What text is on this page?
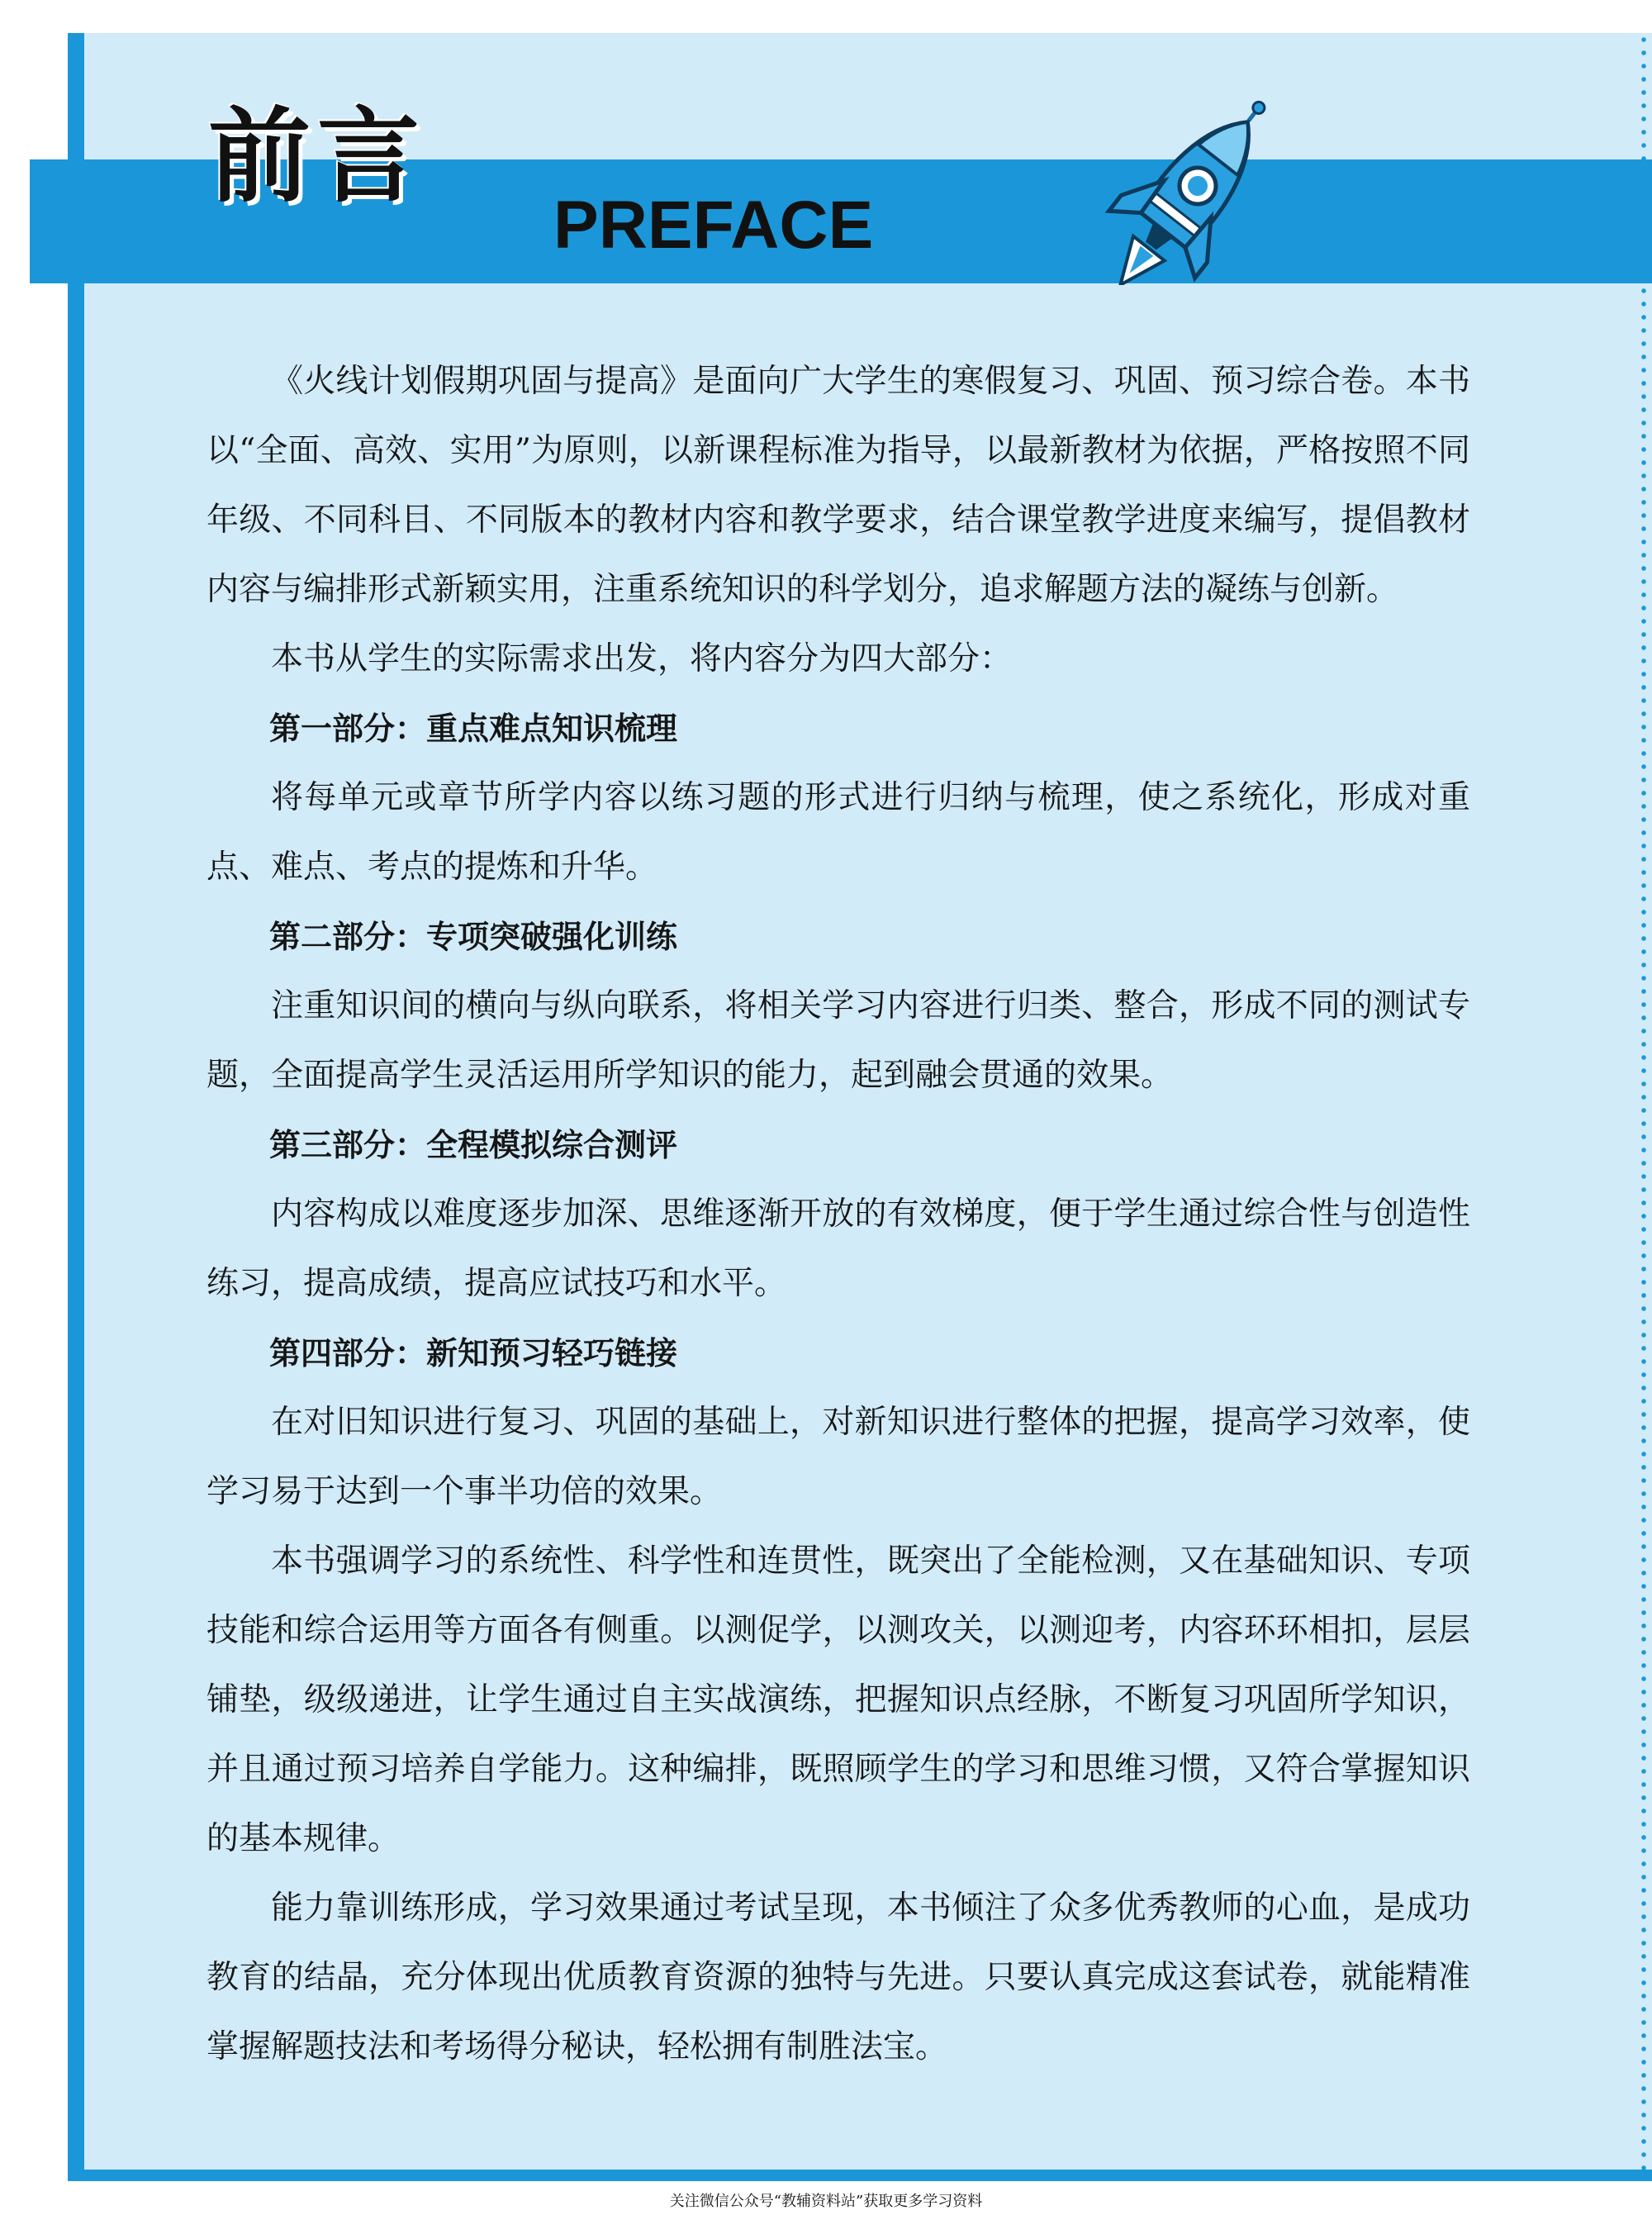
前言
PREFACE

《火线计划假期巩固与提高》是面向广大学生的寒假复习、巩固、预习综合卷。本书以“全面、高效、实用”为原则，以新课程标准为指导，以最新教材为依据，严格按照不同年级、不同科目、不同版本的教材内容和教学要求，结合课堂教学进度来编写，提倡教材内容与编排形式新颖实用，注重系统知识的科学划分，追求解题方法的凝练与创新。

本书从学生的实际需求出发，将内容分为四大部分：

第一部分：重点难点知识梳理

将每单元或章节所学内容以练习题的形式进行归纳与梳理，使之系统化，形成对重点、难点、考点的提炼和升华。

第二部分：专项突破强化训练

注重知识间的横向与纵向联系，将相关学习内容进行归类、整合，形成不同的测试专题，全面提高学生灵活运用所学知识的能力，起到融会贯通的效果。

第三部分：全程模拟综合测评

内容构成以难度逐步加深、思维逐渐开放的有效梯度，便于学生通过综合性与创造性练习，提高成绩，提高应试技巧和水平。

第四部分：新知预习轻巧链接

在对旧知识进行复习、巩固的基础上，对新知识进行整体的把握，提高学习效率，使学习易于达到一个事半功倍的效果。

本书强调学习的系统性、科学性和连贯性，既突出了全能检测，又在基础知识、专项技能和综合运用等方面各有侧重。以测促学，以测攻关，以测迎考，内容环环相扣，层层铺垫，级级递进，让学生通过自主实战演练，把握知识点经脉，不断复习巩固所学知识，并且通过预习培养自学能力。这种编排，既照顾学生的学习和思维习惯，又符合掌握知识的基本规律。

能力靠训练形成，学习效果通过考试呈现，本书倾注了众多优秀教师的心血，是成功教育的结晶，充分体现出优质教育资源的独特与先进。只要认真完成这套试卷，就能精准掌握解题技法和考场得分秘诀，轻松拥有制胜法宝。

关注微信公众号“教辅资料站”获取更多学习资料
